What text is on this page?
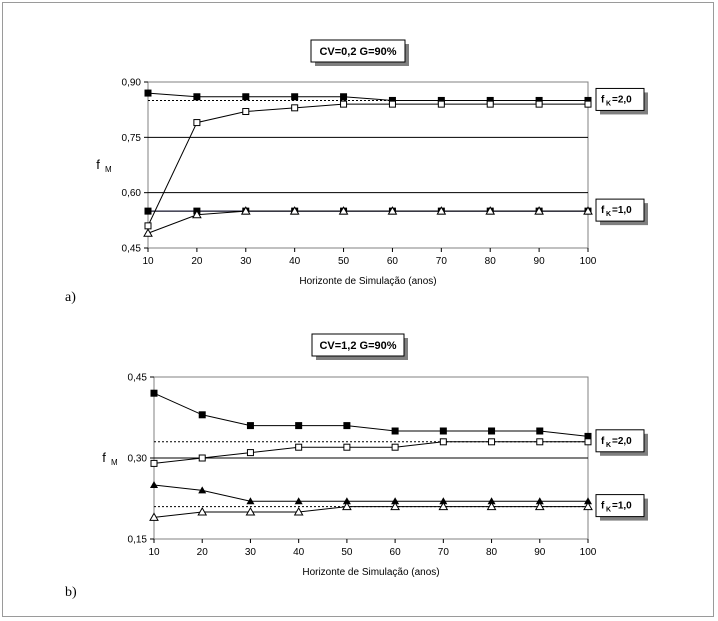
CV=0,2 G=90%
0,45
0,60
0,75
0,90
10	20	30	40	50	60	70	80	90	100
Horizonte de Simulação (anos)
f M
f K =2,0
f K =1,0
a)
CV=1,2 G=90%
0,15
0,30
0,45
10	20	30	40	50	60	70	80	90	100
Horizonte de Simulação (anos)
f M
f K =2,0
f K =1,0
b)
